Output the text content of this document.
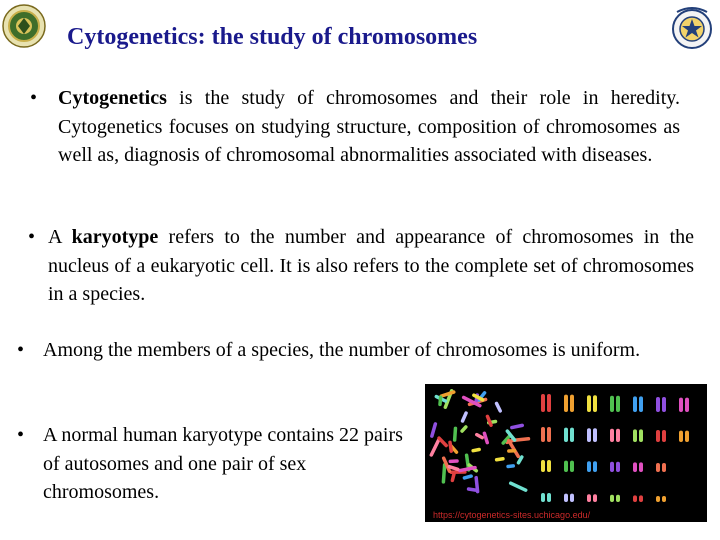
Cytogenetics: the study of chromosomes
• Cytogenetics is the study of chromosomes and their role in heredity. Cytogenetics focuses on studying structure, composition of chromosomes as well as, diagnosis of chromosomal abnormalities associated with diseases.
• A karyotype refers to the number and appearance of chromosomes in the nucleus of a eukaryotic cell. It is also refers to the complete set of chromosomes in a species.
• Among the members of a species, the number of chromosomes is uniform.
• A normal human karyotype contains 22 pairs of autosomes and one pair of sex chromosomes.
https://cytogenetics-sites.uchicago.edu/
